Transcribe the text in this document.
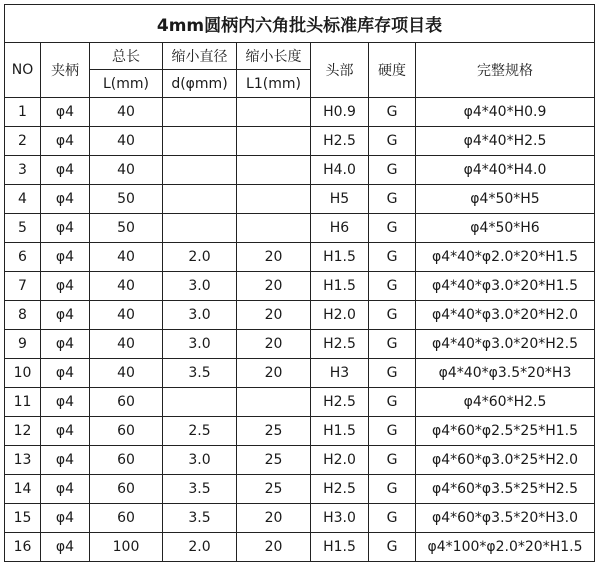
4mm圆柄内六角批头标准库存项目表							
NO	夹柄	总长	缩小直径	缩小长度	头部	硬度	完整规格
		L(mm)	d(φmm)	L1(mm)			
1	φ4	40			H0.9	G	φ4*40*H0.9
2	φ4	40			H2.5	G	φ4*40*H2.5
3	φ4	40			H4.0	G	φ4*40*H4.0
4	φ4	50			H5	G	φ4*50*H5
5	φ4	50			H6	G	φ4*50*H6
6	φ4	40	2.0	20	H1.5	G	φ4*40*φ2.0*20*H1.5
7	φ4	40	3.0	20	H1.5	G	φ4*40*φ3.0*20*H1.5
8	φ4	40	3.0	20	H2.0	G	φ4*40*φ3.0*20*H2.0
9	φ4	40	3.0	20	H2.5	G	φ4*40*φ3.0*20*H2.5
10	φ4	40	3.5	20	H3	G	φ4*40*φ3.5*20*H3
11	φ4	60			H2.5	G	φ4*60*H2.5
12	φ4	60	2.5	25	H1.5	G	φ4*60*φ2.5*25*H1.5
13	φ4	60	3.0	25	H2.0	G	φ4*60*φ3.0*25*H2.0
14	φ4	60	3.5	25	H2.5	G	φ4*60*φ3.5*25*H2.5
15	φ4	60	3.5	20	H3.0	G	φ4*60*φ3.5*20*H3.0
16	φ4	100	2.0	20	H1.5	G	φ4*100*φ2.0*20*H1.5
